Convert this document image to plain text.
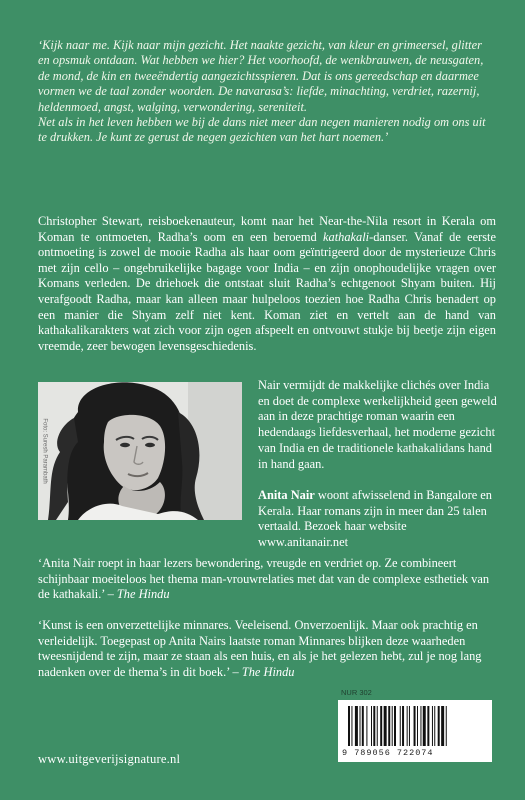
‘Kijk naar me. Kijk naar mijn gezicht. Het naakte gezicht, van kleur en grimeersel, glitter en opsmuk ontdaan. Wat hebben we hier? Het voorhoofd, de wenkbrauwen, de neusgaten, de mond, de kin en tweeëndertig aangezichtsspieren. Dat is ons gereedschap en daarmee vormen we de taal zonder woorden. De navarasa’s: liefde, minachting, verdriet, razernij, heldenmoed, angst, walging, verwondering, sereniteit.

Net als in het leven hebben we bij de dans niet meer dan negen manieren nodig om ons uit te drukken. Je kunt ze gerust de negen gezichten van het hart noemen.’

Christopher Stewart, reisboekenauteur, komt naar het Near-the-Nila resort in Kerala om Koman te ontmoeten, Radha’s oom en een beroemd kathakali-danser. Vanaf de eerste ontmoeting is zowel de mooie Radha als haar oom geïntrigeerd door de mysterieuze Chris met zijn cello – ongebruikelijke bagage voor India – en zijn onophoudelijke vragen over Komans verleden. De driehoek die ontstaat sluit Radha’s echtgenoot Shyam buiten. Hij verafgoodt Radha, maar kan alleen maar hulpeloos toezien hoe Radha Chris benadert op een manier die Shyam zelf niet kent. Koman ziet en vertelt aan de hand van kathakalikarakters wat zich voor zijn ogen afspeelt en ontvouwt stukje bij beetje zijn eigen vreemde, zeer bewogen levensgeschiedenis.

Foto: Suresh Parambath

Nair vermijdt de makkelijke clichés over India en doet de complexe werkelijkheid geen geweld aan in deze prachtige roman waarin een hedendaags liefdesverhaal, het moderne gezicht van India en de traditionele kathakalidans hand in hand gaan.

Anita Nair woont afwisselend in Bangalore en Kerala. Haar romans zijn in meer dan 25 talen vertaald. Bezoek haar website www.anitanair.net

‘Anita Nair roept in haar lezers bewondering, vreugde en verdriet op. Ze combineert schijnbaar moeiteloos het thema man-vrouwrelaties met dat van de complexe esthetiek van de kathakali.’ – The Hindu

‘Kunst is een onverzettelijke minnares. Veeleisend. Onverzoenlijk. Maar ook prachtig en verleidelijk. Toegepast op Anita Nairs laatste roman Minnares blijken deze waarheden tweesnijdend te zijn, maar ze staan als een huis, en als je het gelezen hebt, zul je nog lang nadenken over de thema’s in dit boek.’ – The Hindu

NUR 302
9 789056 722074
www.uitgeverijsignature.nl
